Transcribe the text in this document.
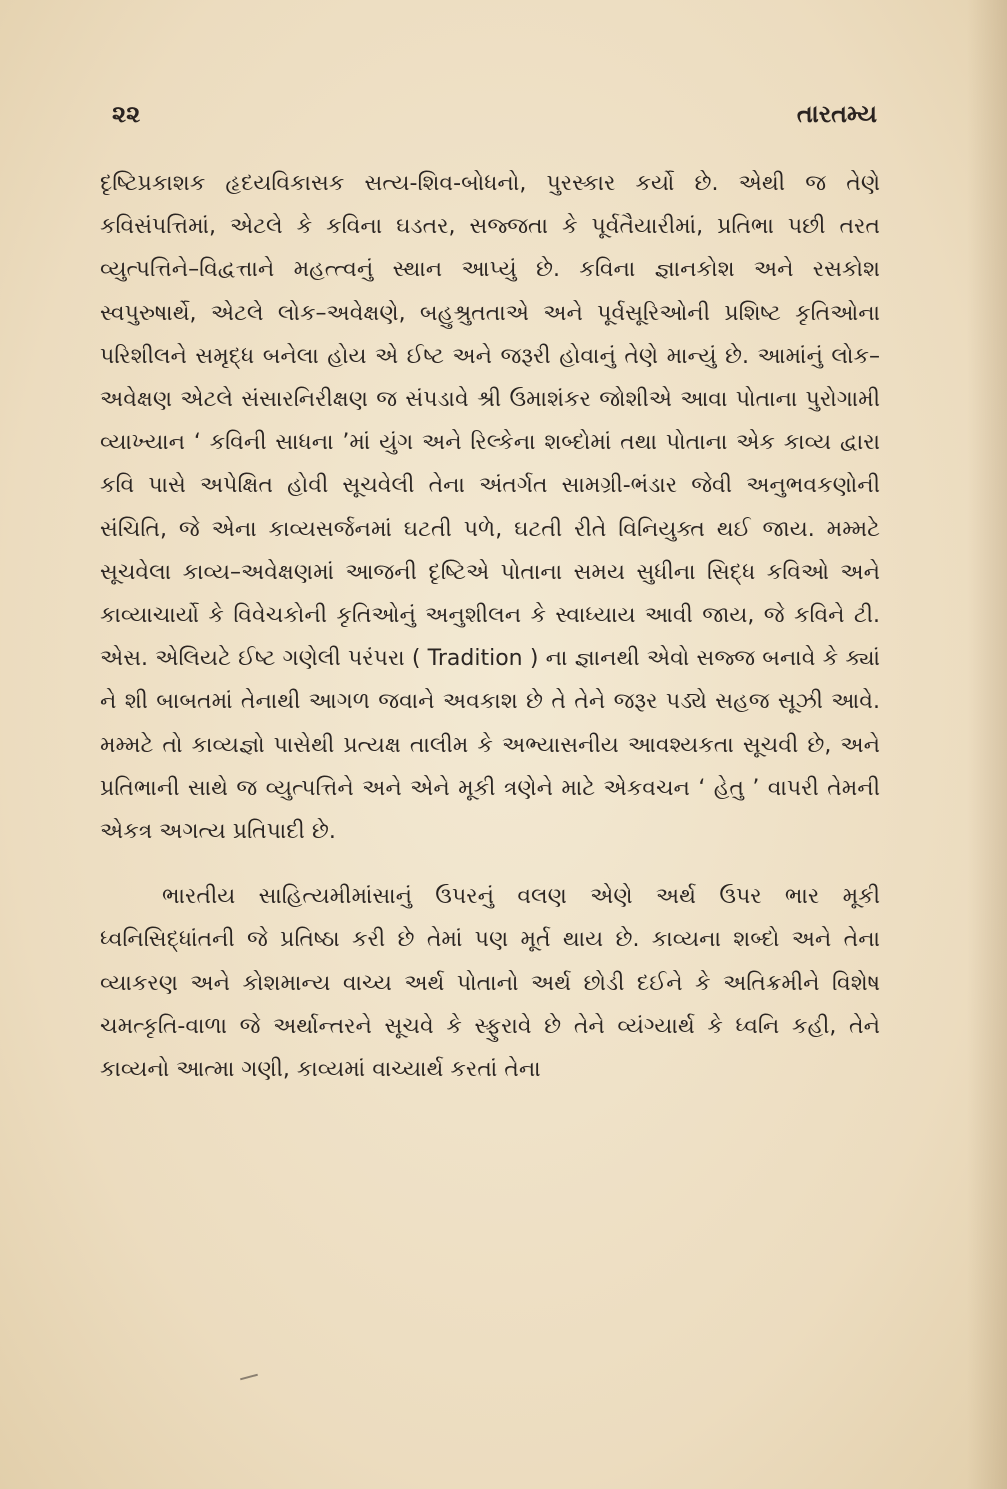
૨૨	તારતમ્ય

દૃષ્ટિપ્રકાશક હૃદયવિકાસક સત્ય-શિવ-બોધનો, પુરસ્કાર કર્યો છે. એથી જ તેણે કવિસંપત્તિમાં, એટલે કે કવિના ઘડતર, સજ્જતા કે પૂર્વતૈયારીમાં, પ્રતિભા પછી તરત વ્યુત્પત્તિને–વિદ્વત્તાને મહત્ત્વનું સ્થાન આપ્યું છે. કવિના જ્ઞાનકોશ અને રસકોશ સ્વપુરુષાર્થે, એટલે લોક–અવેક્ષણે, બહુશ્રુતતાએ અને પૂર્વસૂરિઓની પ્રશિષ્ટ કૃતિઓના પરિશીલને સમૃદ્ધ બનેલા હોય એ ઈષ્ટ અને જરૂરી હોવાનું તેણે માન્યું છે. આમાંનું લોક–અવેક્ષણ એટલે સંસારનિરીક્ષણ જ સંપડાવે શ્રી ઉમાશંકર જોશીએ આવા પોતાના પુરોગામી વ્યાખ્યાન ‘ કવિની સાધના ’માં યુંગ અને રિલ્કેના શબ્દોમાં તથા પોતાના એક કાવ્ય દ્વારા કવિ પાસે અપેક્ષિત હોવી સૂચવેલી તેના અંતર્ગત સામગ્રી-ભંડાર જેવી અનુભવકણોની સંચિતિ, જે એના કાવ્યસર્જનમાં ઘટતી પળે, ઘટતી રીતે વિનિયુક્ત થઈ જાય. મમ્મટે સૂચવેલા કાવ્ય–અવેક્ષણમાં આજની દૃષ્ટિએ પોતાના સમય સુધીના સિદ્ધ કવિઓ અને કાવ્યાચાર્યો કે વિવેચકોની કૃતિઓનું અનુશીલન કે સ્વાધ્યાય આવી જાય, જે કવિને ટી. એસ. એલિયટે ઈષ્ટ ગણેલી પરંપરા ( Tradition ) ના જ્ઞાનથી એવો સજ્જ બનાવે કે ક્યાં ને શી બાબતમાં તેનાથી આગળ જવાને અવકાશ છે તે તેને જરૂર પડ્યે સહજ સૂઝી આવે. મમ્મટે તો કાવ્યજ્ઞો પાસેથી પ્રત્યક્ષ તાલીમ કે અભ્યાસનીય આવશ્યકતા સૂચવી છે, અને પ્રતિભાની સાથે જ વ્યુત્પત્તિને અને એને મૂકી ત્રણેને માટે એકવચન ‘ હેતુ ’ વાપરી તેમની એકત્ર અગત્ય પ્રતિપાદી છે.

ભારતીય સાહિત્યમીમાંસાનું ઉપરનું વલણ એણે અર્થ ઉપર ભાર મૂકી ધ્વનિસિદ્ધાંતની જે પ્રતિષ્ઠા કરી છે તેમાં પણ મૂર્ત થાય છે. કાવ્યના શબ્દો અને તેના વ્યાકરણ અને કોશમાન્ય વાચ્ય અર્થ પોતાનો અર્થ છોડી દઈને કે અતિક્રમીને વિશેષ ચમત્કૃતિ-વાળા જે અર્થાન્તરને સૂચવે કે સ્ફુરાવે છે તેને વ્યંગ્યાર્થ કે ધ્વનિ કહી, તેને કાવ્યનો આત્મા ગણી, કાવ્યમાં વાચ્યાર્થ કરતાં તેના
